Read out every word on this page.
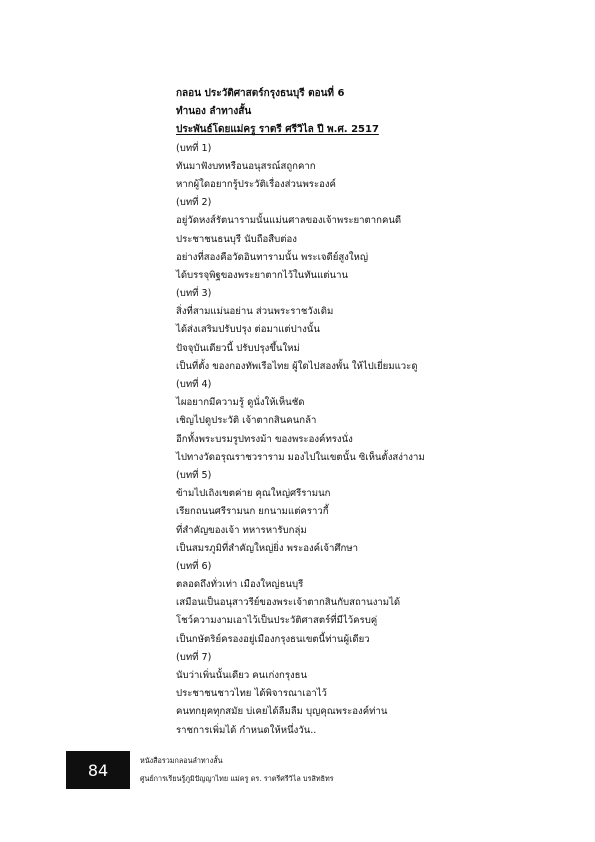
กลอน ประวัติศาสตร์กรุงธนบุรี ตอนที่ 6
ทำนอง ลำทางสั้น
ประพันธ์โดยแม่ครู ราตรี ศรีวิไล ปี พ.ศ. 2517
(บทที่ 1)
ทันมาฟังบทหรือนอนุสรณ์สถูกคาก
หากผู้ใดอยากรู้ประวัติเรื่องส่วนพระองค์
(บทที่ 2)
อยู่วัดหงส์รัตนารามนั้นแม่นศาลของเจ้าพระยาตากคนดี
ประชาชนธนบุรี นับถือสืบต่อง
อย่างที่สองคือวัดอินทารามนั้น พระเจดีย์สูงใหญ่
ได้บรรจุพิฐของพระยาตากไว้ในทันแต่นาน
(บทที่ 3)
สิ่งที่สามแม่นอย่าน ส่วนพระราชวังเดิม
ได้ส่งเสริมปรับปรุง ต่อมาแต่ปางนั้น
ปัจจุบันเดียวนี้ ปรับปรุงขึ้นใหม่
เป็นที่ตั้ง ของกองทัพเรือไทย ผู้ใดไปสองพั้น ให้ไปเยี่ยมแวะดู
(บทที่ 4)
ไผอยากมีความรู้ ดูนั่งให้เห็นชัด
เชิญไปดูประวัติ เจ้าตากสินคนกล้า
อีกทั้งพระบรมรูปทรงม้า ของพระองค์ทรงนั่ง
ไปทางวัดอรุณราชวราราม มองไปในเขตนั้น ซิเห็นตั้งสง่างาม
(บทที่ 5)
ข้ามไปเถิงเขตค่าย คุณใหญ่ศรีรามนก
เรียกถนนศรีรามนก ยกนามแต่คราวกี้
ที่สำคัญของเจ้า ทหารหารับกลุ่ม
เป็นสมรภูมิที่สำคัญใหญ่ยิ่ง พระองค์เจ้าศึกษา
(บทที่ 6)
ตลอดถึงทั่วเท่า เมืองใหญ่ธนบุรี
เสมือนเป็นอนุสาวรีย์ของพระเจ้าตากสินกับสถานงามได้
โชว์ความงามเอาไว้เป็นประวัติศาสตร์ที่มีไว้ครบคู่
เป็นกษัตริย์ครองอยู่เมืองกรุงธนเขตนี้ท่านผู้เดียว
(บทที่ 7)
นับว่าเพิ่นนั้นเดียว คนเก่งกรุงธน
ประชาชนชาวไทย ได้พิจารณาเอาไว้
คนทกยุคทุกสมัย บ่เคยได้ลืมลืม บุญคุณพระองค์ท่าน
ราชการเพิ่มได้ กำหนดให้หนึ่งวัน..
84	หนังสือรวมกลอนลำทางสั้น
ศูนย์การเรียนรู้ภูมิปัญญาไทย แม่ครู ดร. ราตรีศรีวิไล บรสิทธิทร
